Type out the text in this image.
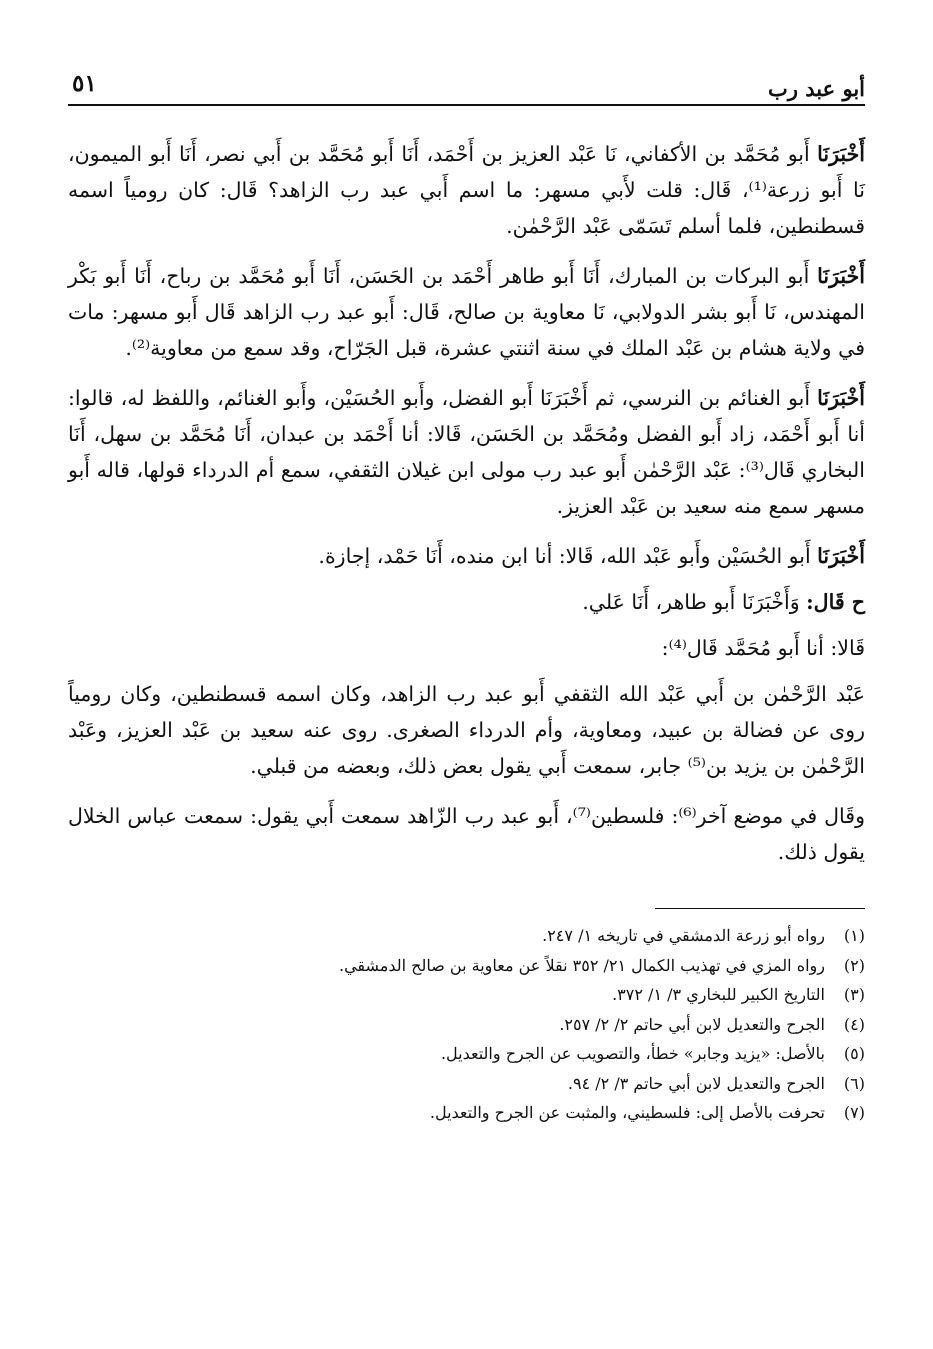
أبو عبد رب
٥١

أَخْبَرَنَا أَبو مُحَمَّد بن الأكفاني، نَا عَبْد العزيز بن أَحْمَد، أَنَا أَبو مُحَمَّد بن أَبي نصر، أَنَا أَبو الميمون، نَا أَبو زرعة⁽¹⁾، قَال: قلت لأَبي مسهر: ما اسم أَبي عبد رب الزاهد؟ قَال: كان رومياً اسمه قسطنطين، فلما أسلم تَسَمّى عَبْد الرَّحْمٰن.

أَخْبَرَنَا أَبو البركات بن المبارك، أَنَا أَبو طاهر أَحْمَد بن الحَسَن، أَنَا أَبو مُحَمَّد بن رباح، أَنَا أَبو بَكْر المهندس، نَا أَبو بشر الدولابي، نَا معاوية بن صالح، قَال: أَبو عبد رب الزاهد قَال أَبو مسهر: مات في ولاية هشام بن عَبْد الملك في سنة اثنتي عشرة، قبل الجَرّاح، وقد سمع من معاوية⁽²⁾.

أَخْبَرَنَا أَبو الغنائم بن النرسي، ثم أَخْبَرَنَا أَبو الفضل، وأَبو الحُسَيْن، وأَبو الغنائم، واللفظ له، قالوا: أنا أَبو أَحْمَد، زاد أَبو الفضل ومُحَمَّد بن الحَسَن، قَالا: أنا أَحْمَد بن عبدان، أَنَا مُحَمَّد بن سهل، أَنَا البخاري قَال⁽³⁾: عَبْد الرَّحْمٰن أَبو عبد رب مولى ابن غيلان الثقفي، سمع أم الدرداء قولها، قاله أَبو مسهر سمع منه سعيد بن عَبْد العزيز.

أَخْبَرَنَا أَبو الحُسَيْن وأَبو عَبْد الله، قَالا: أنا ابن منده، أَنَا حَمْد، إجازة.
ح قَال: وَأَخْبَرَنَا أَبو طاهر، أَنَا عَلي.
قَالا: أنا أَبو مُحَمَّد قَال⁽⁴⁾:

عَبْد الرَّحْمٰن بن أَبي عَبْد الله الثقفي أَبو عبد رب الزاهد، وكان اسمه قسطنطين، وكان رومياً روى عن فضالة بن عبيد، ومعاوية، وأم الدرداء الصغرى. روى عنه سعيد بن عَبْد العزيز، وعَبْد الرَّحْمٰن بن يزيد بن⁽⁵⁾ جابر، سمعت أَبي يقول بعض ذلك، وبعضه من قبلي.

وقَال في موضع آخر⁽⁶⁾: فلسطين⁽⁷⁾، أَبو عبد رب الزّاهد سمعت أَبي يقول: سمعت عباس الخلال يقول ذلك.

(١)
رواه أبو زرعة الدمشقي في تاريخه ١/ ٢٤٧.
(٢)
رواه المزي في تهذيب الكمال ٢١/ ٣٥٢ نقلاً عن معاوية بن صالح الدمشقي.
(٣)
التاريخ الكبير للبخاري ٣/ ١/ ٣٧٢.
(٤)
الجرح والتعديل لابن أبي حاتم ٢/ ٢/ ٢٥٧.
(٥)
بالأصل: «يزيد وجابر» خطأ، والتصويب عن الجرح والتعديل.
(٦)
الجرح والتعديل لابن أبي حاتم ٣/ ٢/ ٩٤.
(٧)
تحرفت بالأصل إلى: فلسطيني، والمثبت عن الجرح والتعديل.
